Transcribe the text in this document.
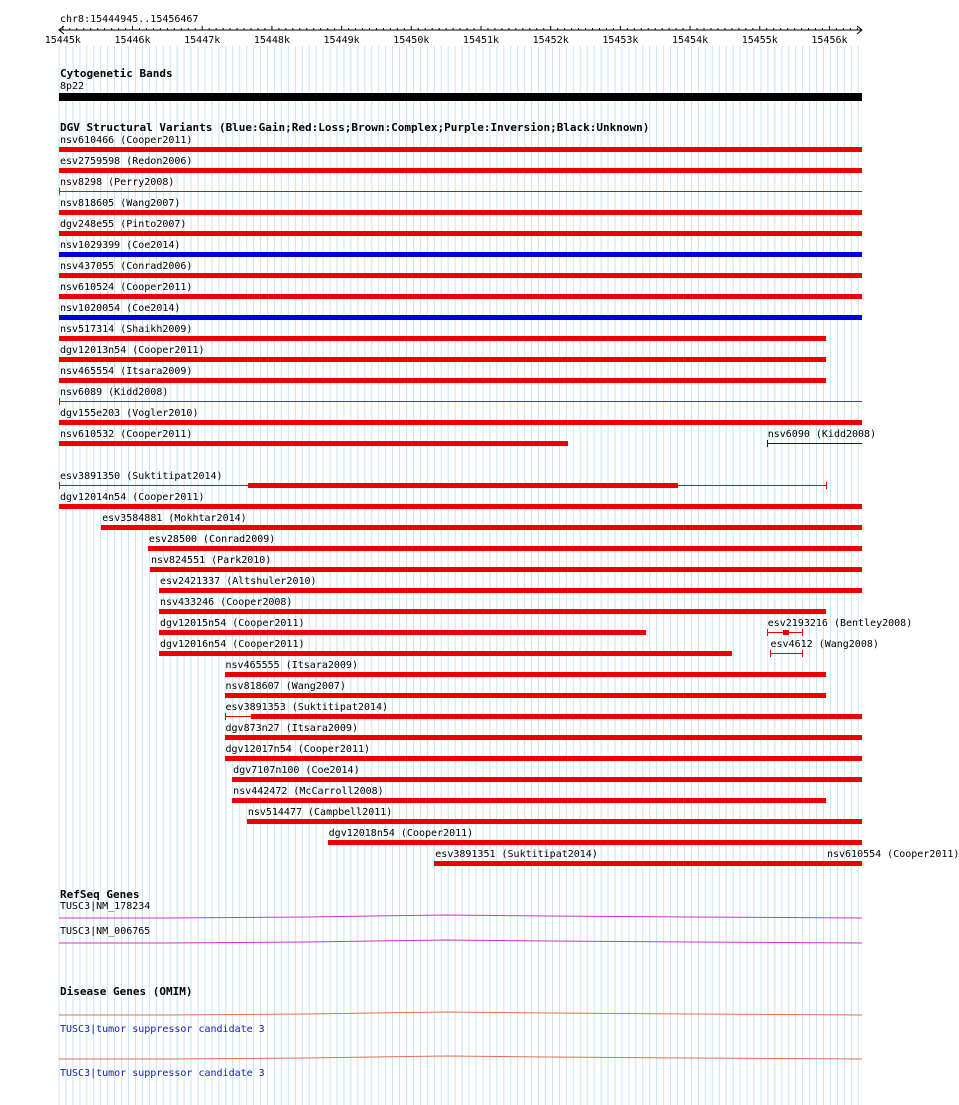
chr8:15444945..15456467
15445k	15446k	15447k	15448k	15449k	15450k	15451k	15452k	15453k	15454k	15455k	15456k
Cytogenetic Bands
8p22
DGV Structural Variants (Blue:Gain;Red:Loss;Brown:Complex;Purple:Inversion;Black:Unknown)
nsv610466 (Cooper2011)
esv2759598 (Redon2006)
nsv8298 (Perry2008)
nsv818605 (Wang2007)
dgv248e55 (Pinto2007)
nsv1029399 (Coe2014)
nsv437055 (Conrad2006)
nsv610524 (Cooper2011)
nsv1020054 (Coe2014)
nsv517314 (Shaikh2009)
dgv12013n54 (Cooper2011)
nsv465554 (Itsara2009)
nsv6089 (Kidd2008)
dgv155e203 (Vogler2010)
nsv610532 (Cooper2011)	nsv6090 (Kidd2008)
esv3891350 (Suktitipat2014)
dgv12014n54 (Cooper2011)
esv3584881 (Mokhtar2014)
esv28500 (Conrad2009)
nsv824551 (Park2010)
esv2421337 (Altshuler2010)
nsv433246 (Cooper2008)
dgv12015n54 (Cooper2011)	esv2193216 (Bentley2008)
dgv12016n54 (Cooper2011)	esv4612 (Wang2008)
nsv465555 (Itsara2009)
nsv818607 (Wang2007)
esv3891353 (Suktitipat2014)
dgv873n27 (Itsara2009)
dgv12017n54 (Cooper2011)
dgv7107n100 (Coe2014)
nsv442472 (McCarroll2008)
nsv514477 (Campbell2011)
dgv12018n54 (Cooper2011)
esv3891351 (Suktitipat2014)	nsv610554 (Cooper2011)
RefSeq Genes
TUSC3|NM_178234
TUSC3|NM_006765
Disease Genes (OMIM)
TUSC3|tumor suppressor candidate 3
TUSC3|tumor suppressor candidate 3
